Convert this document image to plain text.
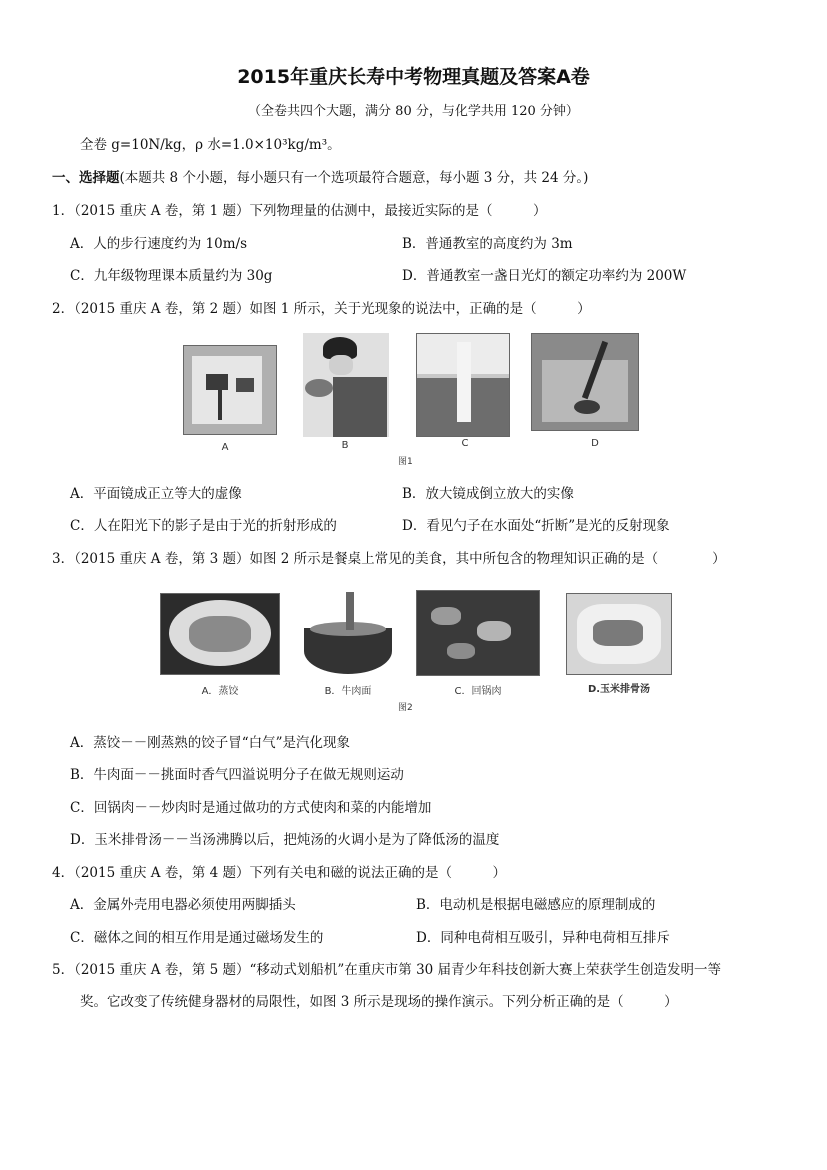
2015年重庆长寿中考物理真题及答案A卷
（全卷共四个大题，满分 80 分，与化学共用 120 分钟）
全卷 g=10N/kg，ρ 水=1.0×10³kg/m³。
一、选择题(本题共 8 个小题，每小题只有一个选项最符合题意，每小题 3 分，共 24 分。)
1．（2015 重庆 A 卷，第 1 题）下列物理量的估测中，最接近实际的是（　　　）
A．人的步行速度约为 10m/s	B．普通教室的高度约为 3m
C．九年级物理课本质量约为 30g	D．普通教室一盏日光灯的额定功率约为 200W
2．（2015 重庆 A 卷，第 2 题）如图 1 所示，关于光现象的说法中，正确的是（　　　）
A	B	C	D
图1
A．平面镜成正立等大的虚像	B．放大镜成倒立放大的实像
C．人在阳光下的影子是由于光的折射形成的	D．看见勺子在水面处“折断”是光的反射现象
3．（2015 重庆 A 卷，第 3 题）如图 2 所示是餐桌上常见的美食，其中所包含的物理知识正确的是（　　　　）
A．蒸饺	B．牛肉面	C．回锅肉	D.玉米排骨汤
图2
A．蒸饺－－刚蒸熟的饺子冒“白气”是汽化现象
B．牛肉面－－挑面时香气四溢说明分子在做无规则运动
C．回锅肉－－炒肉时是通过做功的方式使肉和菜的内能增加
D．玉米排骨汤－－当汤沸腾以后，把炖汤的火调小是为了降低汤的温度
4．（2015 重庆 A 卷，第 4 题）下列有关电和磁的说法正确的是（　　　）
A．金属外壳用电器必须使用两脚插头	B．电动机是根据电磁感应的原理制成的
C．磁体之间的相互作用是通过磁场发生的	D．同种电荷相互吸引，异种电荷相互排斥
5．（2015 重庆 A 卷，第 5 题）“移动式划船机”在重庆市第 30 届青少年科技创新大赛上荣获学生创造发明一等
奖。它改变了传统健身器材的局限性，如图 3 所示是现场的操作演示。下列分析正确的是（　　　）
